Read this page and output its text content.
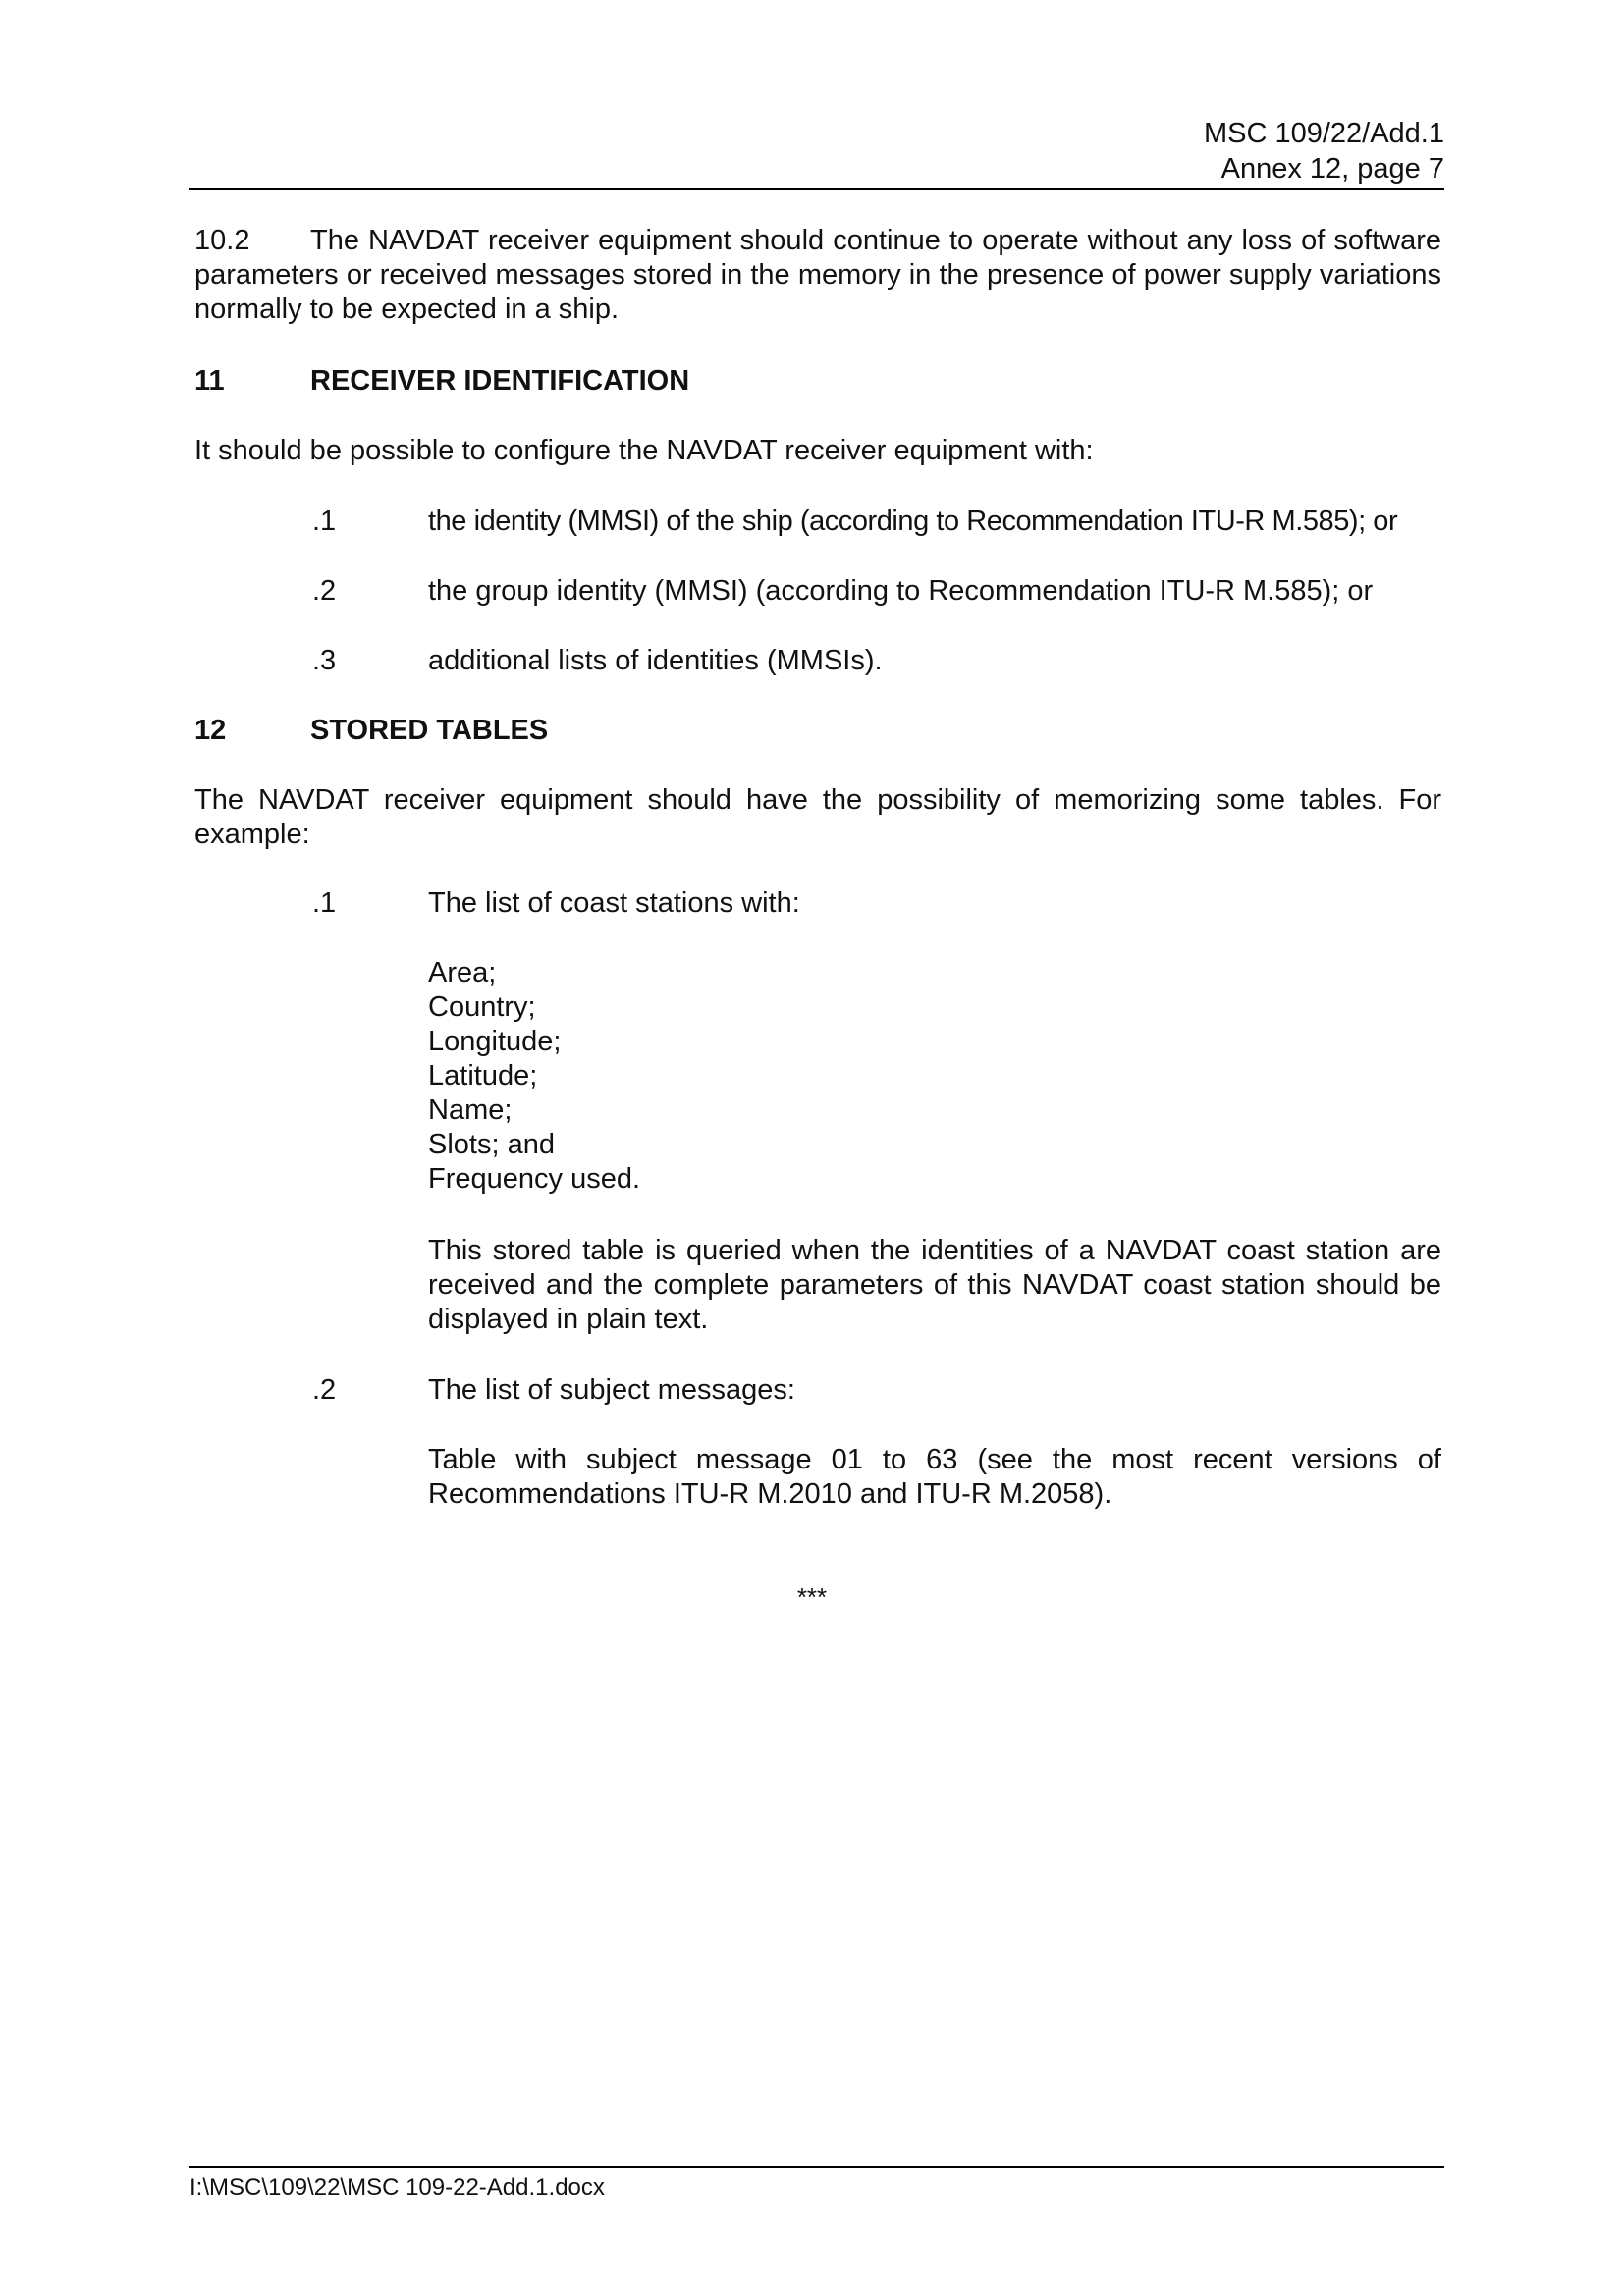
MSC 109/22/Add.1
Annex 12, page 7
10.2 The NAVDAT receiver equipment should continue to operate without any loss of software parameters or received messages stored in the memory in the presence of power supply variations normally to be expected in a ship.
11	RECEIVER IDENTIFICATION
It should be possible to configure the NAVDAT receiver equipment with:
.1	the identity (MMSI) of the ship (according to Recommendation ITU-R M.585); or
.2	the group identity (MMSI) (according to Recommendation ITU-R M.585); or
.3	additional lists of identities (MMSIs).
12	STORED TABLES
The NAVDAT receiver equipment should have the possibility of memorizing some tables. For example:
.1	The list of coast stations with:
Area;
Country;
Longitude;
Latitude;
Name;
Slots; and
Frequency used.
This stored table is queried when the identities of a NAVDAT coast station are received and the complete parameters of this NAVDAT coast station should be displayed in plain text.
.2	The list of subject messages:
Table with subject message 01 to 63 (see the most recent versions of Recommendations ITU-R M.2010 and ITU-R M.2058).
***
I:\MSC\109\22\MSC 109-22-Add.1.docx
